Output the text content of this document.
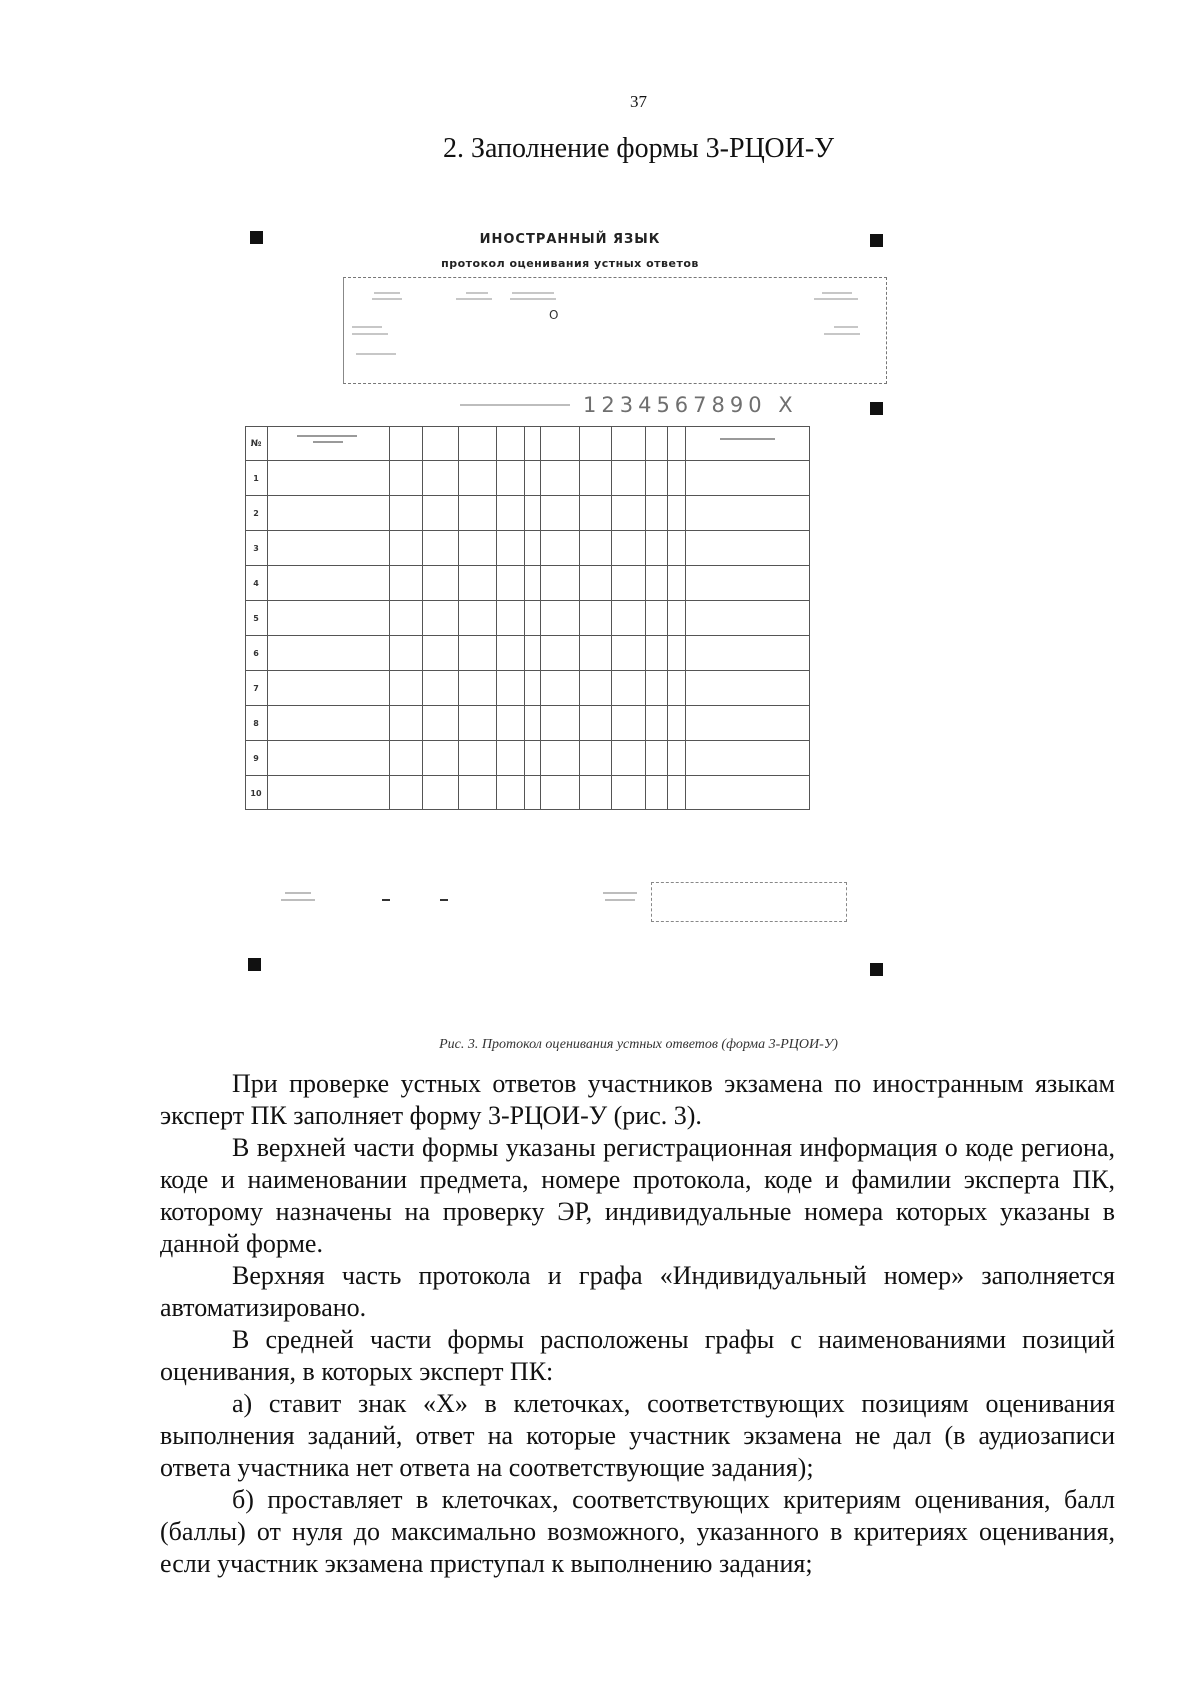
37
2. Заполнение формы 3-РЦОИ-У
ИНОСТРАННЫЙ ЯЗЫК
протокол оценивания устных ответов
О
1234567890 X
№
1
2
3
4
5
6
7
8
9
10
Рис. 3. Протокол оценивания устных ответов (форма 3-РЦОИ-У)

При проверке устных ответов участников экзамена по иностранным языкам эксперт ПК заполняет форму 3-РЦОИ-У (рис. 3).

В верхней части формы указаны регистрационная информация о коде региона, коде и наименовании предмета, номере протокола, коде и фамилии эксперта ПК, которому назначены на проверку ЭР, индивидуальные номера которых указаны в данной форме.

Верхняя часть протокола и графа «Индивидуальный номер» заполняется автоматизировано.

В средней части формы расположены графы с наименованиями позиций оценивания, в которых эксперт ПК:

а) ставит знак «Х» в клеточках, соответствующих позициям оценивания выполнения заданий, ответ на которые участник экзамена не дал (в аудиозаписи ответа участника нет ответа на соответствующие задания);

б) проставляет в клеточках, соответствующих критериям оценивания, балл (баллы) от нуля до максимально возможного, указанного в критериях оценивания, если участник экзамена приступал к выполнению задания;
